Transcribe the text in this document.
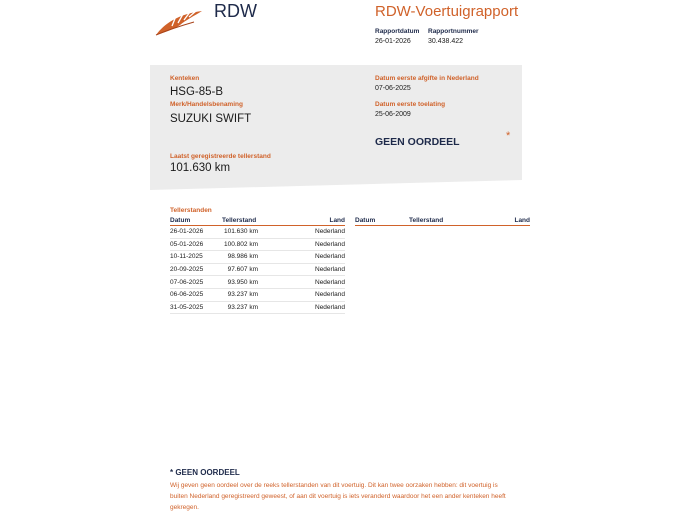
RDW	RDW-Voertuigrapport
Rapportdatum
26-01-2026
Rapportnummer
30.438.422
Kenteken
HSG-85-B
Merk/Handelsbenaming
SUZUKI SWIFT
Laatst geregistreerde tellerstand
101.630 km
Datum eerste afgifte in Nederland
07-06-2025
Datum eerste toelating
25-06-2009
GEEN OORDEEL	*
Tellerstanden
Datum	Tellerstand	Land
26-01-2026	101.630 km	Nederland
05-01-2026	100.802 km	Nederland
10-11-2025	98.986 km	Nederland
20-09-2025	97.607 km	Nederland
07-06-2025	93.950 km	Nederland
06-06-2025	93.237 km	Nederland
31-05-2025	93.237 km	Nederland
Datum	Tellerstand	Land
* GEEN OORDEEL
Wij geven geen oordeel over de reeks tellerstanden van dit voertuig. Dit kan twee oorzaken hebben: dit voertuig is buiten Nederland geregistreerd geweest, of aan dit voertuig is iets veranderd waardoor het een ander kenteken heeft gekregen.
